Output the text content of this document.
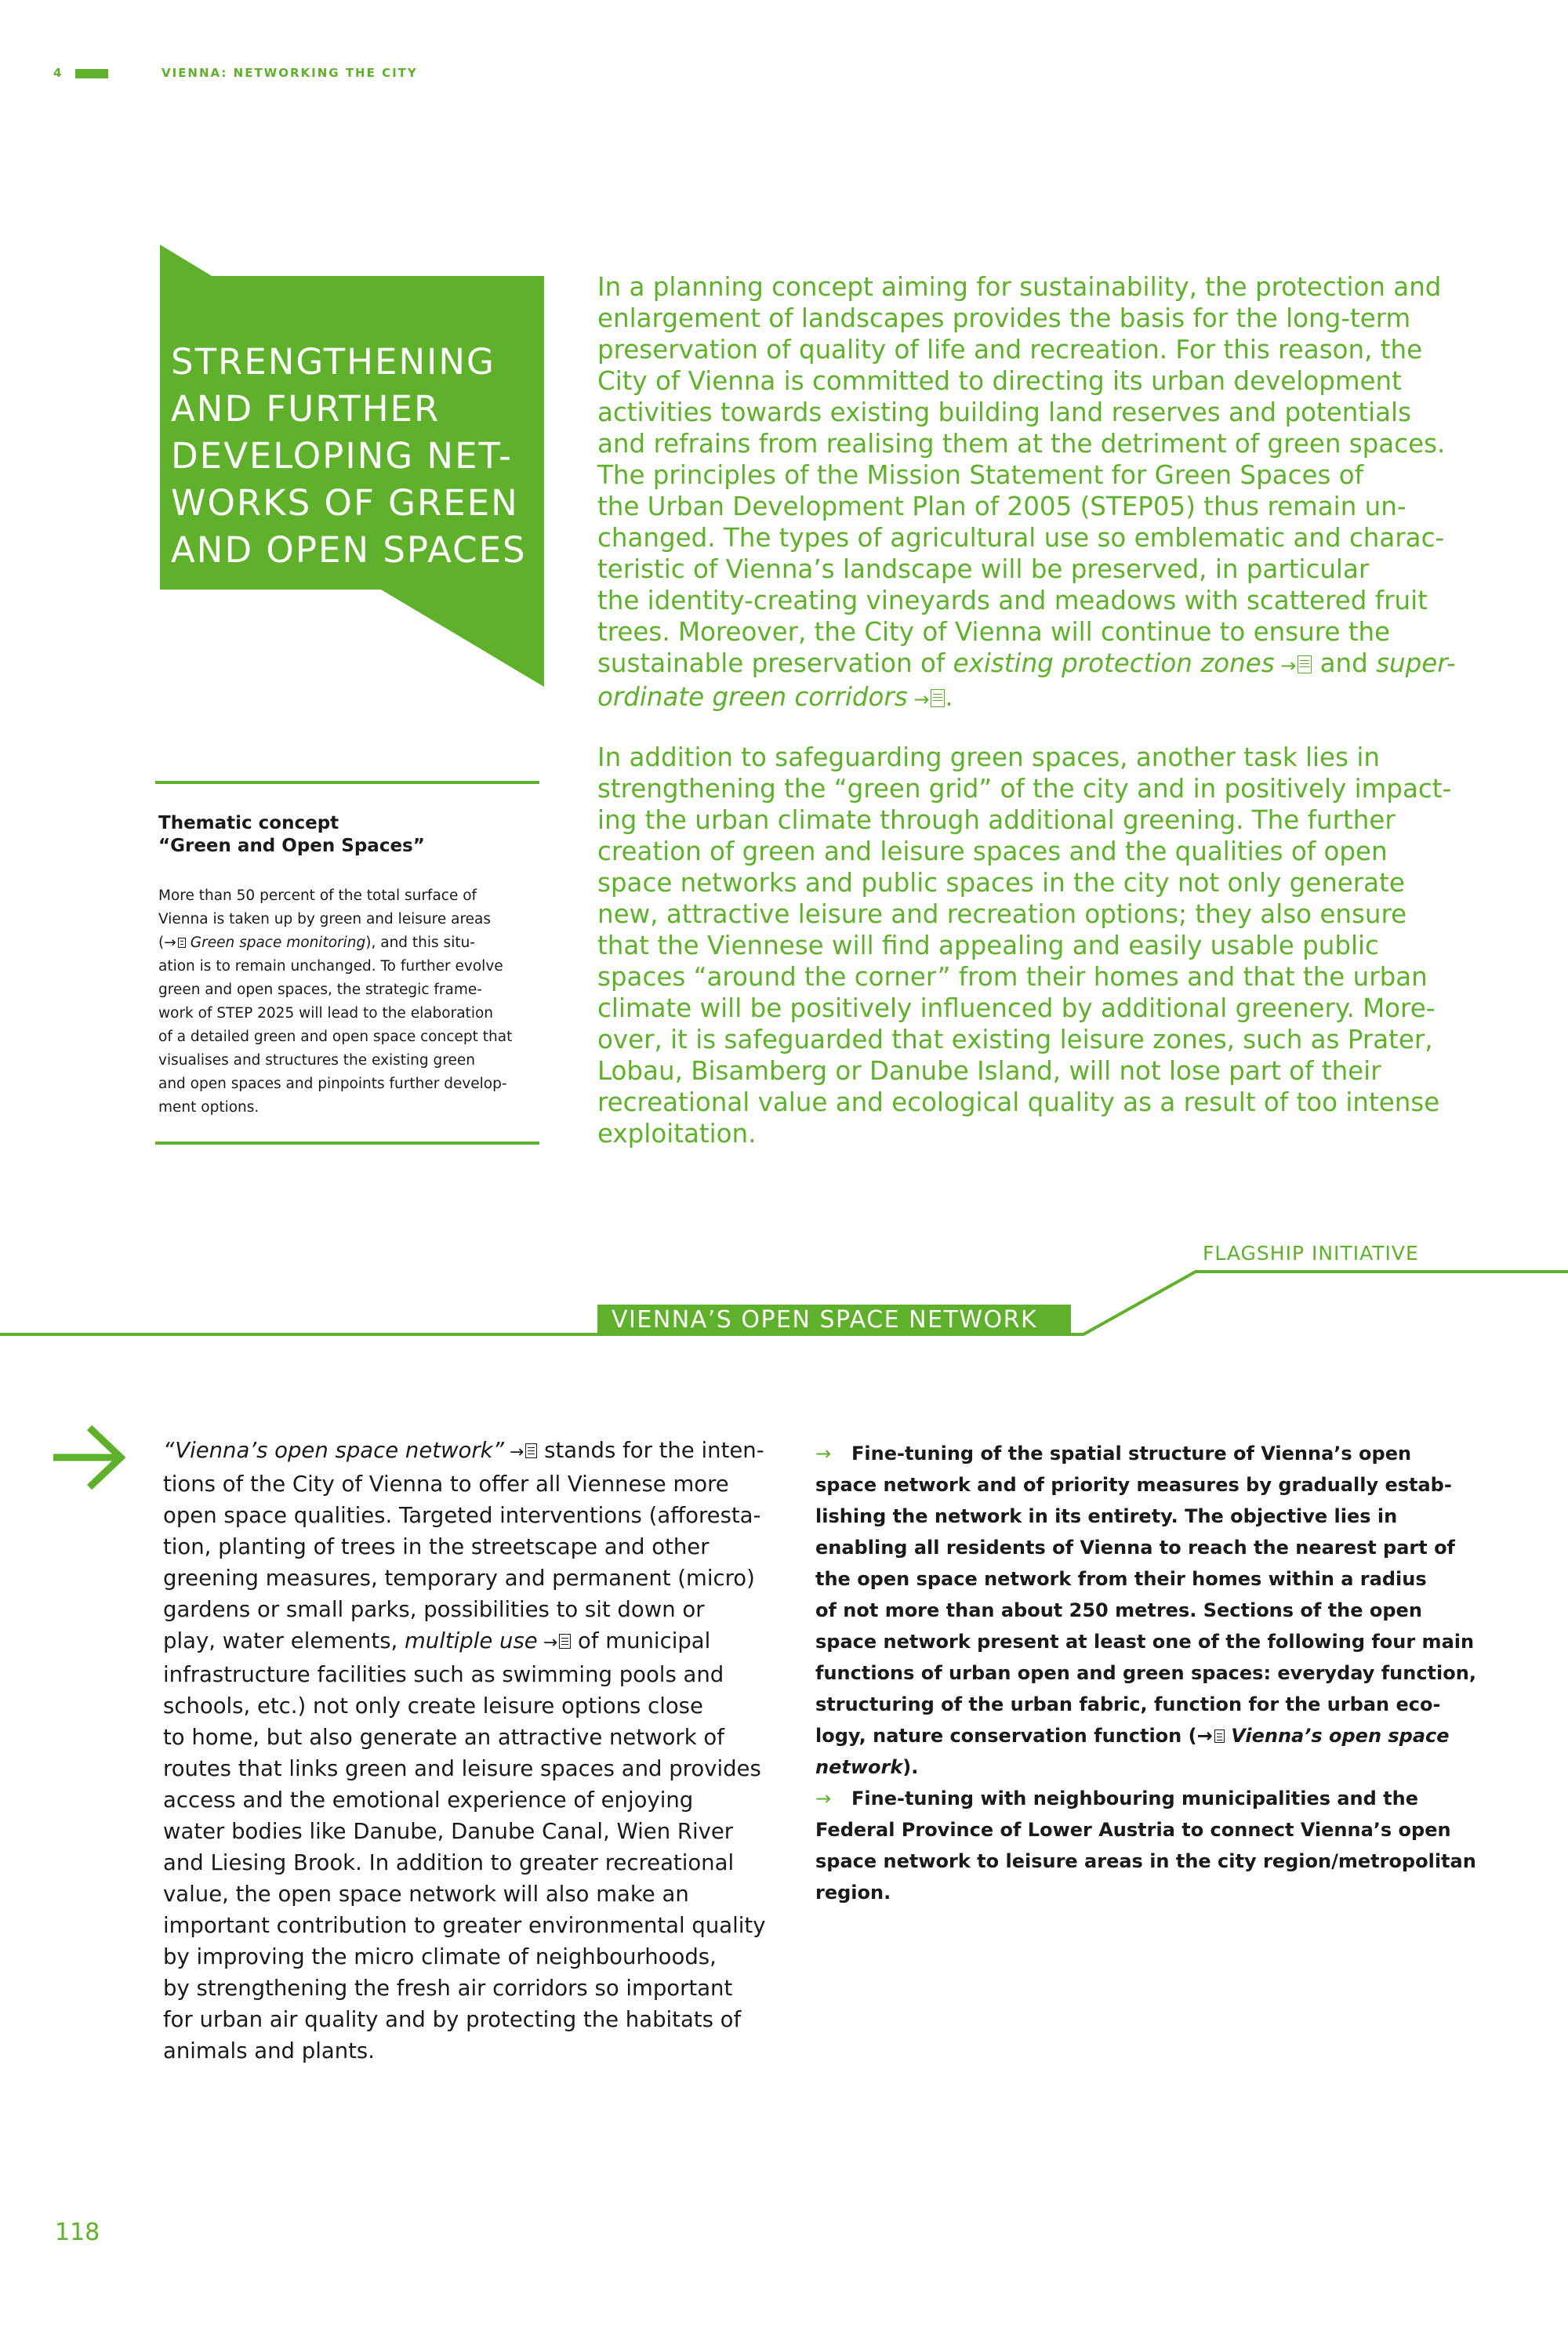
4	VIENNA: NETWORKING THE CITY
STRENGTHENING
AND FURTHER
DEVELOPING NET-
WORKS OF GREEN
AND OPEN SPACES
In a planning concept aiming for sustainability, the protection and
enlargement of landscapes provides the basis for the long-term
preservation of quality of life and recreation. For this reason, the
City of Vienna is committed to directing its urban development
activities towards existing building land reserves and potentials
and refrains from realising them at the detriment of green spaces.
The principles of the Mission Statement for Green Spaces of
the Urban Development Plan of 2005 (STEP05) thus remain un-
changed. The types of agricultural use so emblematic and charac-
teristic of Vienna’s landscape will be preserved, in particular
the identity-creating vineyards and meadows with scattered fruit
trees. Moreover, the City of Vienna will continue to ensure the
sustainable preservation of existing protection zones → and super-
ordinate green corridors → .
In addition to safeguarding green spaces, another task lies in
strengthening the “green grid” of the city and in positively impact-
ing the urban climate through additional greening. The further
creation of green and leisure spaces and the qualities of open
space networks and public spaces in the city not only generate
new, attractive leisure and recreation options; they also ensure
that the Viennese will find appealing and easily usable public
spaces “around the corner” from their homes and that the urban
climate will be positively influenced by additional greenery. More-
over, it is safeguarded that existing leisure zones, such as Prater,
Lobau, Bisamberg or Danube Island, will not lose part of their
recreational value and ecological quality as a result of too intense
exploitation.
Thematic concept
“Green and Open Spaces”
More than 50 percent of the total surface of
Vienna is taken up by green and leisure areas
(→ Green space monitoring), and this situ-
ation is to remain unchanged. To further evolve
green and open spaces, the strategic frame-
work of STEP 2025 will lead to the elaboration
of a detailed green and open space concept that
visualises and structures the existing green
and open spaces and pinpoints further develop-
ment options.
FLAGSHIP INITIATIVE
VIENNA’S OPEN SPACE NETWORK
“Vienna’s open space network” → stands for the inten-
tions of the City of Vienna to offer all Viennese more
open space qualities. Targeted interventions (afforesta-
tion, planting of trees in the streetscape and other
greening measures, temporary and permanent (micro)
gardens or small parks, possibilities to sit down or
play, water elements, multiple use → of municipal
infrastructure facilities such as swimming pools and
schools, etc.) not only create leisure options close
to home, but also generate an attractive network of
routes that links green and leisure spaces and provides
access and the emotional experience of enjoying
water bodies like Danube, Danube Canal, Wien River
and Liesing Brook. In addition to greater recreational
value, the open space network will also make an
important contribution to greater environmental quality
by improving the micro climate of neighbourhoods,
by strengthening the fresh air corridors so important
for urban air quality and by protecting the habitats of
animals and plants.
→ Fine-tuning of the spatial structure of Vienna’s open
space network and of priority measures by gradually estab-
lishing the network in its entirety. The objective lies in
enabling all residents of Vienna to reach the nearest part of
the open space network from their homes within a radius
of not more than about 250 metres. Sections of the open
space network present at least one of the following four main
functions of urban open and green spaces: everyday function,
structuring of the urban fabric, function for the urban eco-
logy, nature conservation function (→ Vienna’s open space
network).
→ Fine-tuning with neighbouring municipalities and the
Federal Province of Lower Austria to connect Vienna’s open
space network to leisure areas in the city region/metropolitan
region.
118
